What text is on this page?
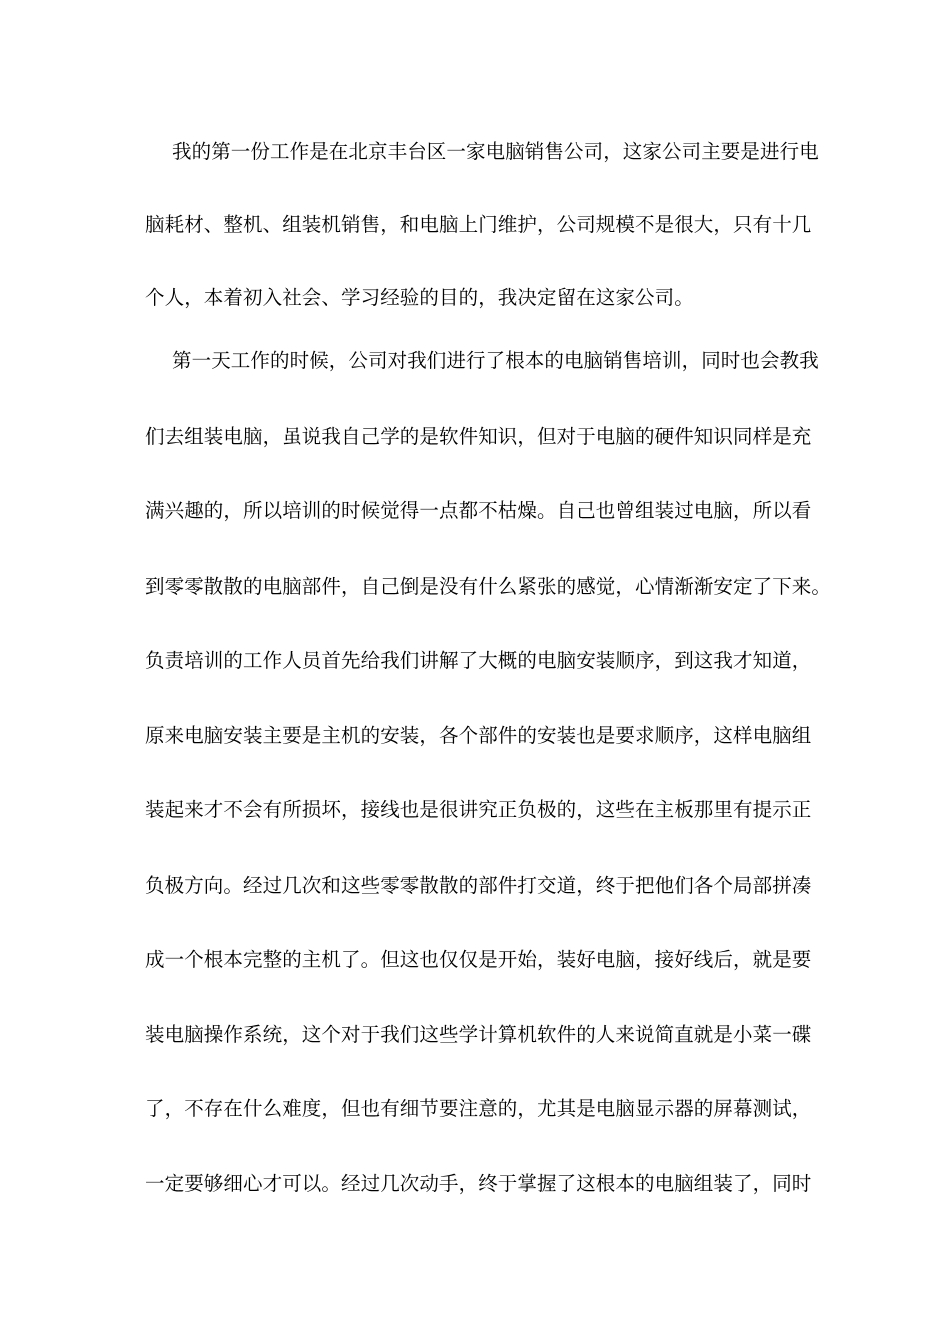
我的第一份工作是在北京丰台区一家电脑销售公司，这家公司主要是进行电
脑耗材、整机、组装机销售，和电脑上门维护，公司规模不是很大，只有十几
个人，本着初入社会、学习经验的目的，我决定留在这家公司。
第一天工作的时候，公司对我们进行了根本的电脑销售培训，同时也会教我
们去组装电脑，虽说我自己学的是软件知识，但对于电脑的硬件知识同样是充
满兴趣的，所以培训的时候觉得一点都不枯燥。自己也曾组装过电脑，所以看
到零零散散的电脑部件，自己倒是没有什么紧张的感觉，心情渐渐安定了下来。
负责培训的工作人员首先给我们讲解了大概的电脑安装顺序，到这我才知道，
原来电脑安装主要是主机的安装，各个部件的安装也是要求顺序，这样电脑组
装起来才不会有所损坏，接线也是很讲究正负极的，这些在主板那里有提示正
负极方向。经过几次和这些零零散散的部件打交道，终于把他们各个局部拼凑
成一个根本完整的主机了。但这也仅仅是开始，装好电脑，接好线后，就是要
装电脑操作系统，这个对于我们这些学计算机软件的人来说简直就是小菜一碟
了，不存在什么难度，但也有细节要注意的，尤其是电脑显示器的屏幕测试，
一定要够细心才可以。经过几次动手，终于掌握了这根本的电脑组装了，同时
